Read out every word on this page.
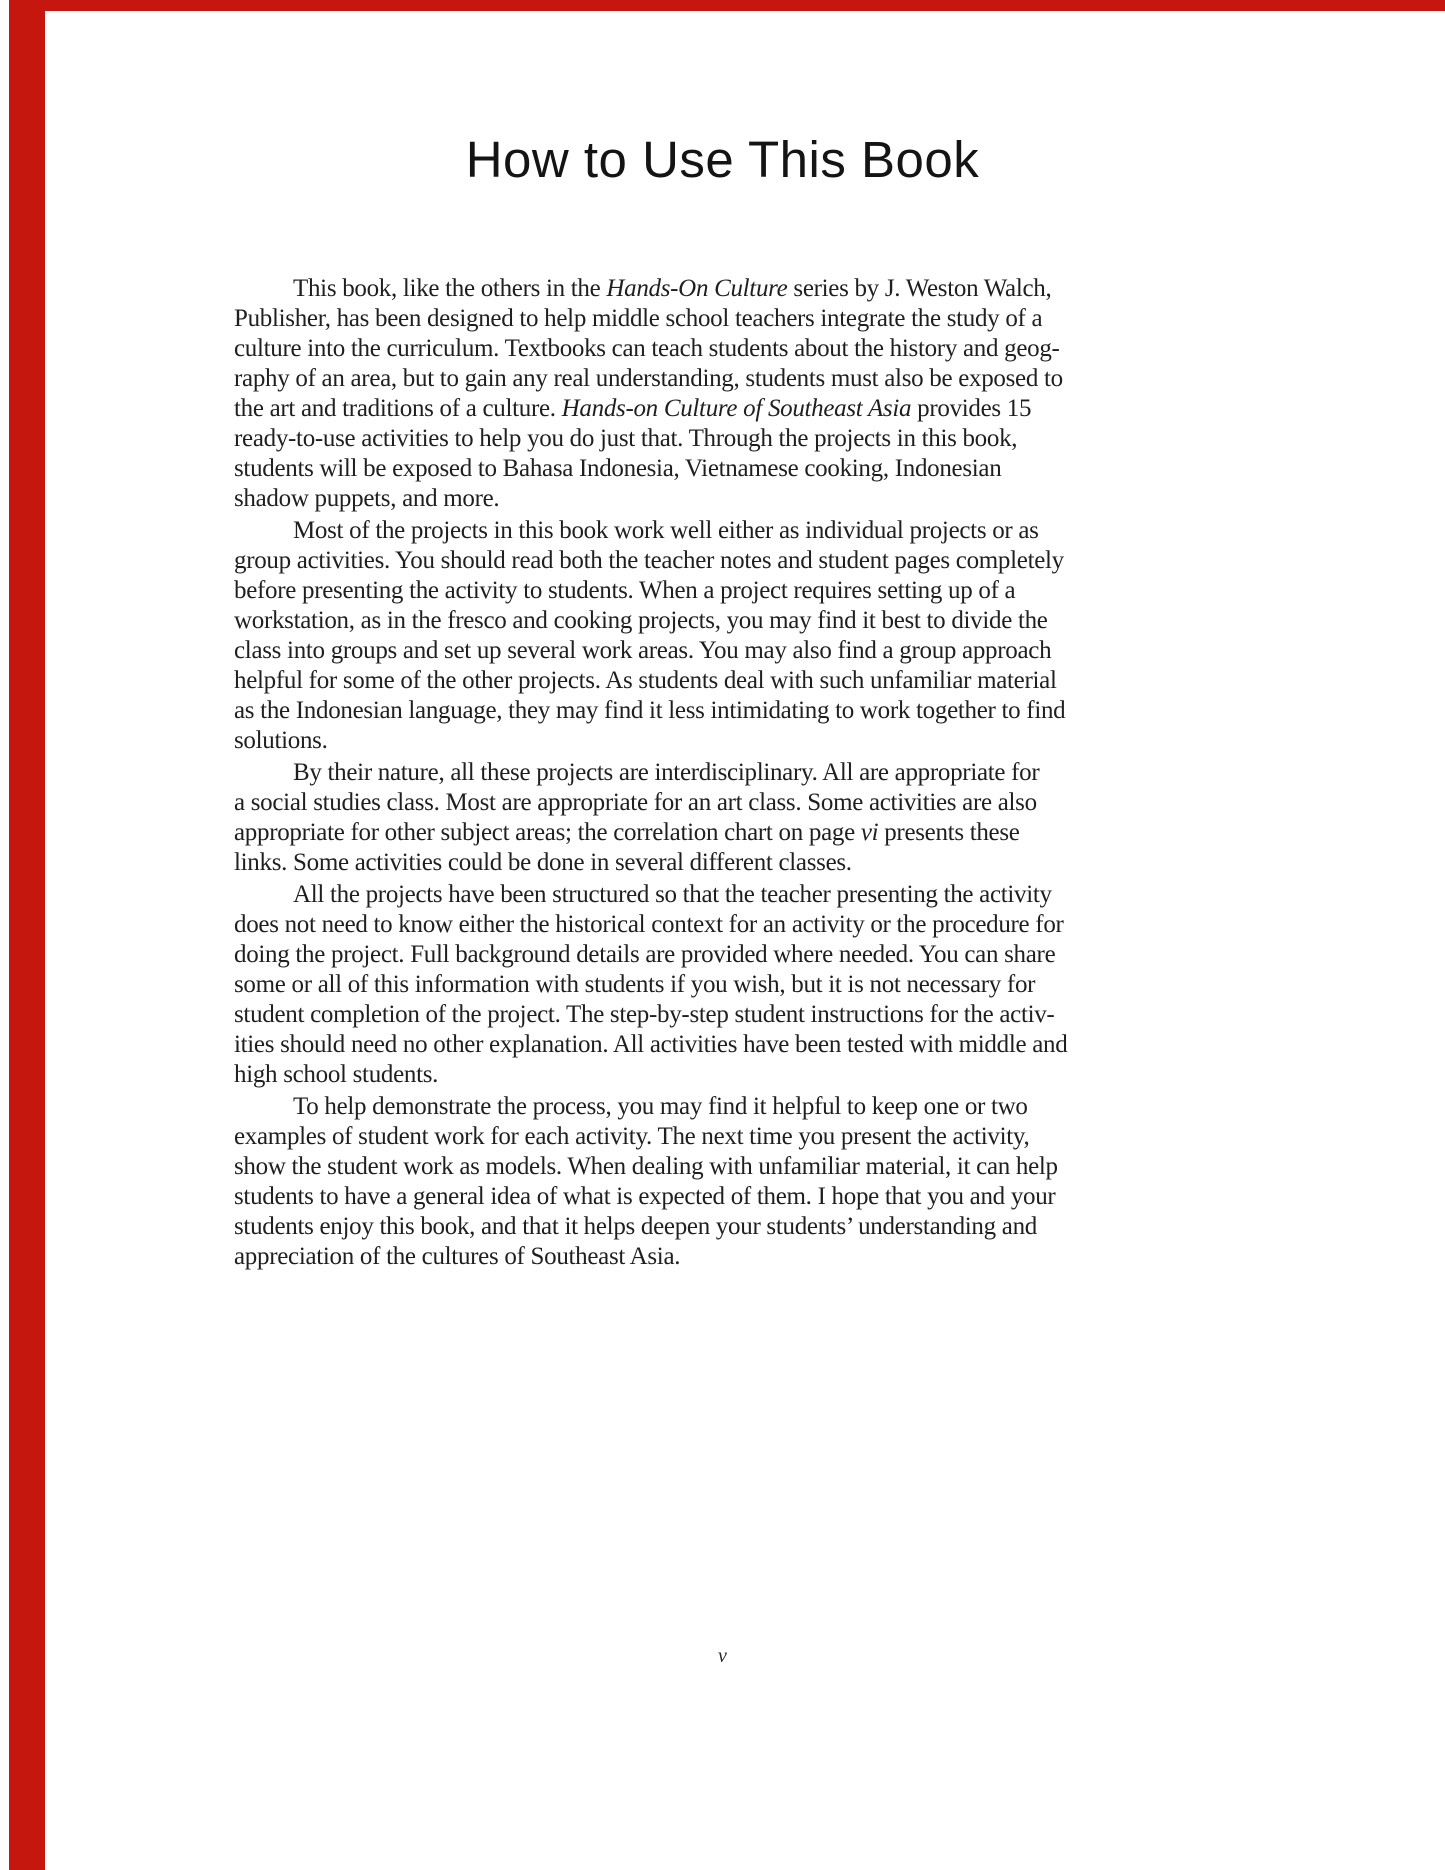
How to Use This Book
This book, like the others in the Hands-On Culture series by J. Weston Walch,
Publisher, has been designed to help middle school teachers integrate the study of a
culture into the curriculum. Textbooks can teach students about the history and geog-
raphy of an area, but to gain any real understanding, students must also be exposed to
the art and traditions of a culture. Hands-on Culture of Southeast Asia provides 15
ready-to-use activities to help you do just that. Through the projects in this book,
students will be exposed to Bahasa Indonesia, Vietnamese cooking, Indonesian
shadow puppets, and more.
Most of the projects in this book work well either as individual projects or as
group activities. You should read both the teacher notes and student pages completely
before presenting the activity to students. When a project requires setting up of a
workstation, as in the fresco and cooking projects, you may find it best to divide the
class into groups and set up several work areas. You may also find a group approach
helpful for some of the other projects. As students deal with such unfamiliar material
as the Indonesian language, they may find it less intimidating to work together to find
solutions.
By their nature, all these projects are interdisciplinary. All are appropriate for
a social studies class. Most are appropriate for an art class. Some activities are also
appropriate for other subject areas; the correlation chart on page vi presents these
links. Some activities could be done in several different classes.
All the projects have been structured so that the teacher presenting the activity
does not need to know either the historical context for an activity or the procedure for
doing the project. Full background details are provided where needed. You can share
some or all of this information with students if you wish, but it is not necessary for
student completion of the project. The step-by-step student instructions for the activ-
ities should need no other explanation. All activities have been tested with middle and
high school students.
To help demonstrate the process, you may find it helpful to keep one or two
examples of student work for each activity. The next time you present the activity,
show the student work as models. When dealing with unfamiliar material, it can help
students to have a general idea of what is expected of them. I hope that you and your
students enjoy this book, and that it helps deepen your students’ understanding and
appreciation of the cultures of Southeast Asia.
v
